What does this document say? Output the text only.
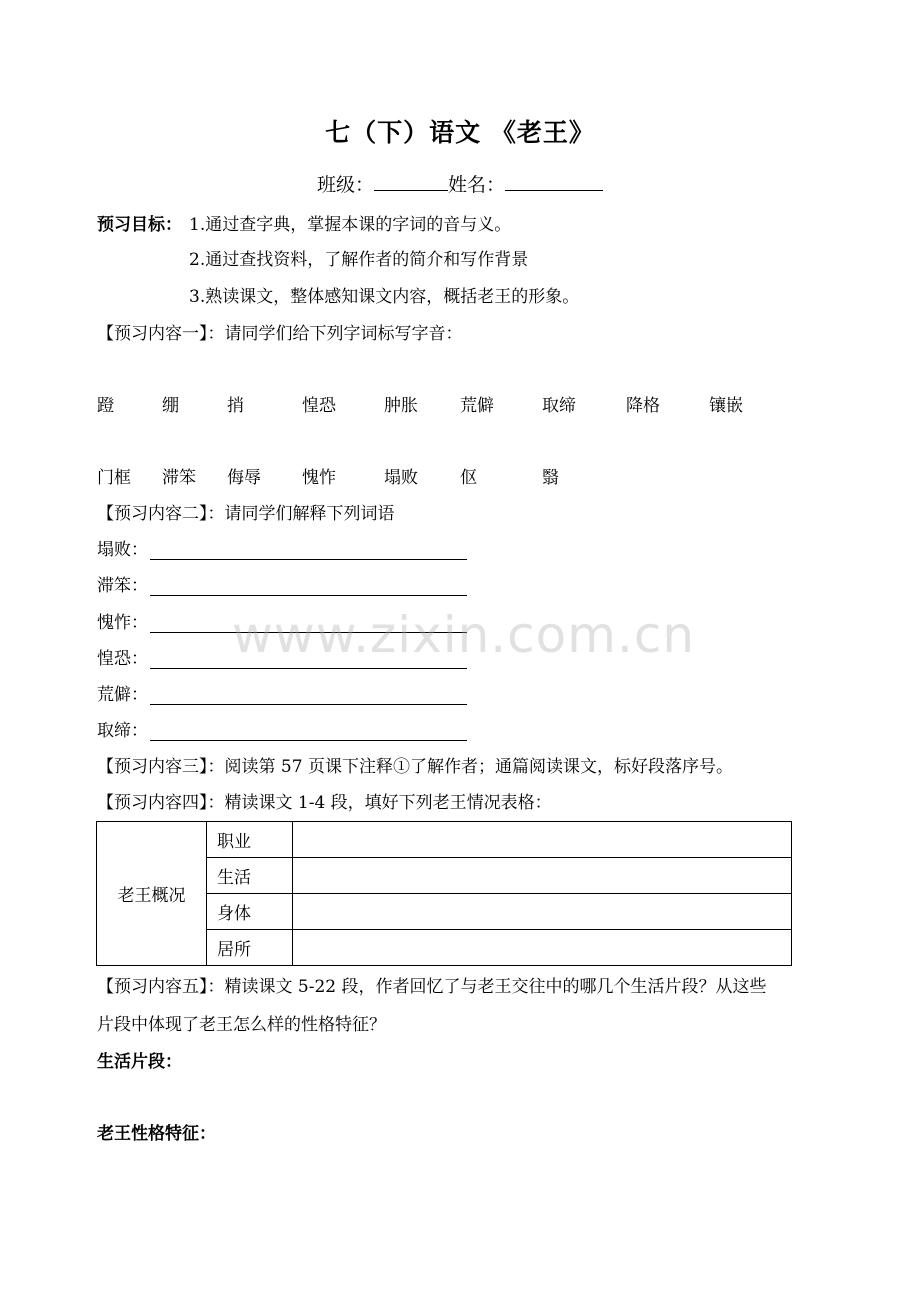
七（下）语文 《老王》
班级：	姓名：
预习目标： 1.通过查字典，掌握本课的字词的音与义。
2.通过查找资料，了解作者的简介和写作背景
3.熟读课文，整体感知课文内容，概括老王的形象。
【预习内容一】：请同学们给下列字词标写字音：
蹬	绷	捎	惶恐	肿胀 荒僻	取缔	降格	镶嵌
门框 滞笨 侮辱 愧怍	塌败 伛	翳
【预习内容二】：请同学们解释下列词语
塌败：
滞笨：
愧怍：
惶恐：
荒僻：
取缔：
【预习内容三】：阅读第 57 页课下注释①了解作者；通篇阅读课文，标好段落序号。
【预习内容四】：精读课文 1-4 段，填好下列老王情况表格：
老王概况	职业	
	生活	
	身体	
	居所	
【预习内容五】：精读课文 5-22 段，作者回忆了与老王交往中的哪几个生活片段？从这些
片段中体现了老王怎么样的性格特征？
生活片段：
老王性格特征：
www.zixin.com.cn
